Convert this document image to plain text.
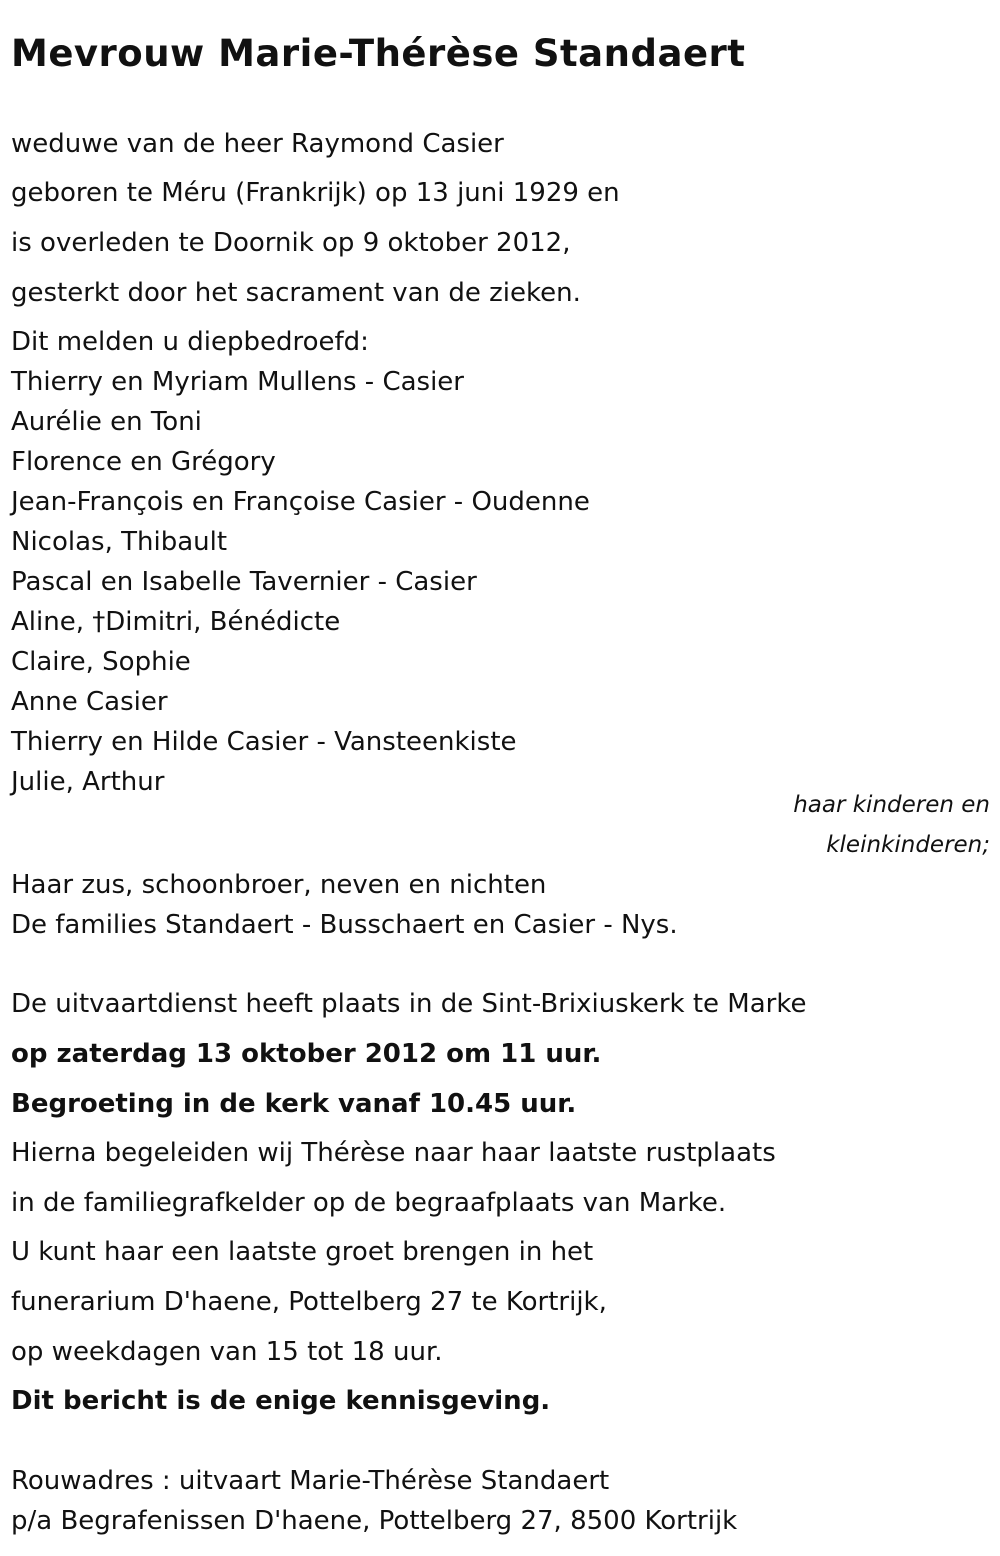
Mevrouw Marie-Thérèse Standaert
weduwe van de heer Raymond Casier
geboren te Méru (Frankrijk) op 13 juni 1929 en
is overleden te Doornik op 9 oktober 2012,
gesterkt door het sacrament van de zieken.
Dit melden u diepbedroefd:
Thierry en Myriam Mullens - Casier
Aurélie en Toni
Florence en Grégory
Jean-François en Françoise Casier - Oudenne
Nicolas, Thibault
Pascal en Isabelle Tavernier - Casier
Aline, †Dimitri, Bénédicte
Claire, Sophie
Anne Casier
Thierry en Hilde Casier - Vansteenkiste
Julie, Arthur
haar kinderen en
kleinkinderen;
Haar zus, schoonbroer, neven en nichten
De families Standaert - Busschaert en Casier - Nys.
De uitvaartdienst heeft plaats in de Sint-Brixiuskerk te Marke
op zaterdag 13 oktober 2012 om 11 uur.
Begroeting in de kerk vanaf 10.45 uur.
Hierna begeleiden wij Thérèse naar haar laatste rustplaats
in de familiegrafkelder op de begraafplaats van Marke.
U kunt haar een laatste groet brengen in het
funerarium D'haene, Pottelberg 27 te Kortrijk,
op weekdagen van 15 tot 18 uur.
Dit bericht is de enige kennisgeving.
Rouwadres : uitvaart Marie-Thérèse Standaert
p/a Begrafenissen D'haene, Pottelberg 27, 8500 Kortrijk
